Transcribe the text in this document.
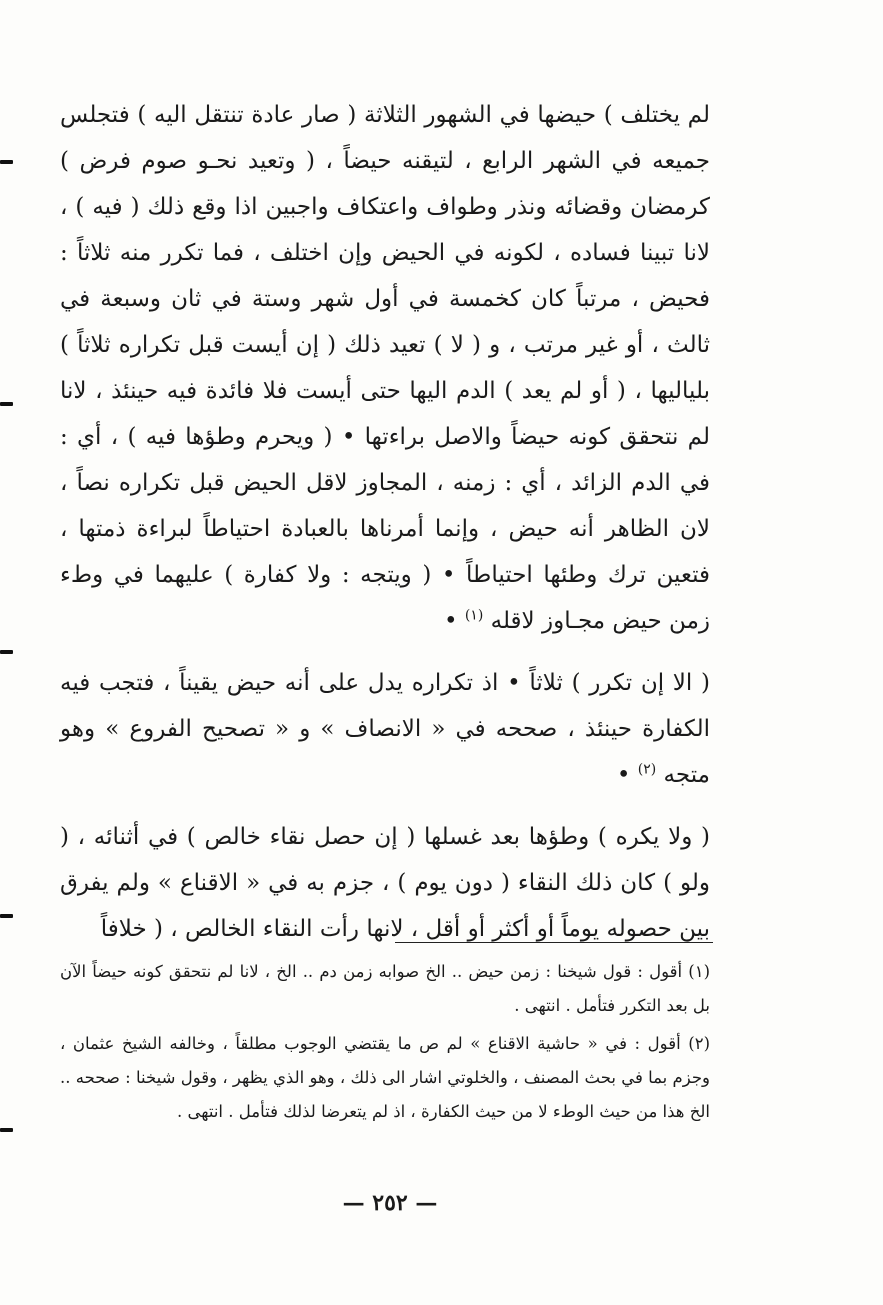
لم يختلف ) حيضها في الشهور الثلاثة ( صار عادة تنتقل اليه ) فتجلس جميعه في الشهر الرابع ، لتيقنه حيضاً ، ( وتعيد نحـو صوم فرض ) كرمضان وقضائه ونذر وطواف واعتكاف واجبين اذا وقع ذلك ( فيه ) ، لانا تبينا فساده ، لكونه في الحيض وإن اختلف ، فما تكرر منه ثلاثاً : فحيض ، مرتباً كان كخمسة في أول شهر وستة في ثان وسبعة في ثالث ، أو غير مرتب ، و ( لا ) تعيد ذلك ( إن أيست قبل تكراره ثلاثاً ) بلياليها ، ( أو لم يعد ) الدم اليها حتى أيست فلا فائدة فيه حينئذ ، لانا لم نتحقق كونه حيضاً والاصل براءتها • ( ويحرم وطؤها فيه ) ، أي : في الدم الزائد ، أي : زمنه ، المجاوز لاقل الحيض قبل تكراره نصاً ، لان الظاهر أنه حيض ، وإنما أمرناها بالعبادة احتياطاً لبراءة ذمتها ، فتعين ترك وطئها احتياطاً • ( ويتجه : ولا كفارة ) عليهما في وطء زمن حيض مجـاوز لاقله $^{(١)}$ •

( الا إن تكرر ) ثلاثاً • اذ تكراره يدل على أنه حيض يقيناً ، فتجب فيه الكفارة حينئذ ، صححه في « الانصاف » و « تصحيح الفروع » وهو متجه $^{(٢)}$ •

( ولا يكره ) وطؤها بعد غسلها ( إن حصل نقاء خالص ) في أثنائه ، ( ولو ) كان ذلك النقاء ( دون يوم ) ، جزم به في « الاقناع » ولم يفرق بين حصوله يوماً أو أكثر أو أقل ، لانها رأت النقاء الخالص ، ( خلافاً

(١) أقول : قول شيخنا : زمن حيض .. الخ صوابه زمن دم .. الخ ، لانا لم نتحقق كونه حيضاً الآن بل بعد التكرر فتأمل . انتهى .

(٢) أقول : في « حاشية الاقناع » لم ص ما يقتضي الوجوب مطلقاً ، وخالفه الشيخ عثمان ، وجزم بما في بحث المصنف ، والخلوتي اشار الى ذلك ، وهو الذي يظهر ، وقول شيخنا : صححه .. الخ هذا من حيث الوطء لا من حيث الكفارة ، اذ لم يتعرضا لذلك فتأمل . انتهى .

— ٢٥٢ —
